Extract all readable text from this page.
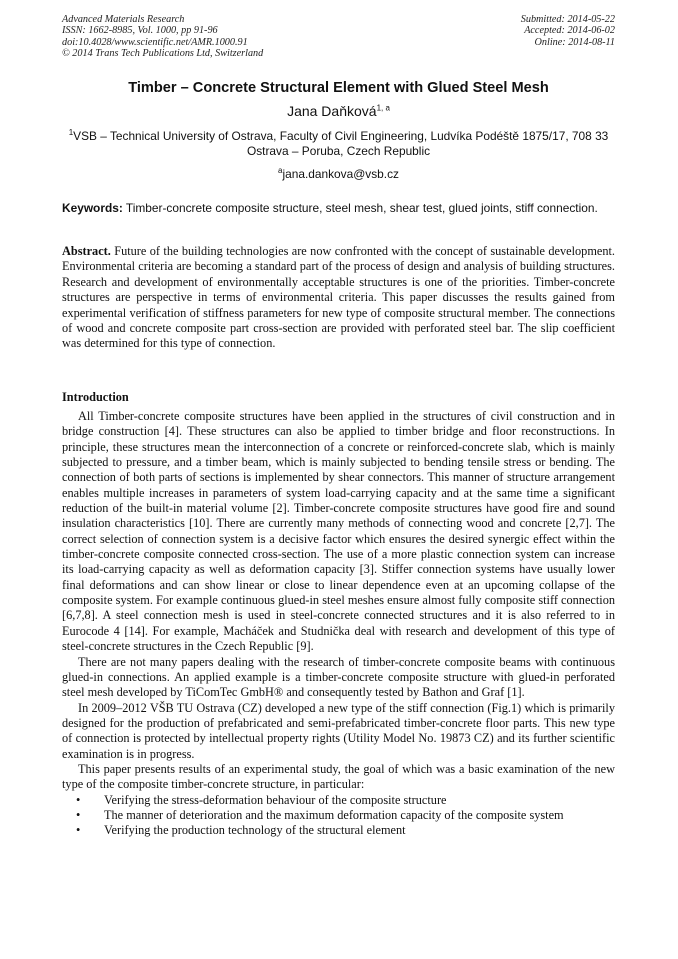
Advanced Materials Research
ISSN: 1662-8985, Vol. 1000, pp 91-96
doi:10.4028/www.scientific.net/AMR.1000.91
© 2014 Trans Tech Publications Ltd, Switzerland
Submitted: 2014-05-22
Accepted: 2014-06-02
Online: 2014-08-11
Timber – Concrete Structural Element with Glued Steel Mesh
Jana Daňková$^{1, a}$
$^1$VSB – Technical University of Ostrava, Faculty of Civil Engineering, Ludvíka Podéště 1875/17, 708 33 Ostrava – Poruba, Czech Republic
$^a$jana.dankova@vsb.cz
Keywords: Timber-concrete composite structure, steel mesh, shear test, glued joints, stiff connection.
Abstract. Future of the building technologies are now confronted with the concept of sustainable development. Environmental criteria are becoming a standard part of the process of design and analysis of building structures. Research and development of environmentally acceptable structures is one of the priorities. Timber-concrete structures are perspective in terms of environmental criteria. This paper discusses the results gained from experimental verification of stiffness parameters for new type of composite structural member. The connections of wood and concrete composite part cross-section are provided with perforated steel bar. The slip coefficient was determined for this type of connection.
Introduction

All Timber-concrete composite structures have been applied in the structures of civil construction and in bridge construction [4]. These structures can also be applied to timber bridge and floor reconstructions. In principle, these structures mean the interconnection of a concrete or reinforced-concrete slab, which is mainly subjected to pressure, and a timber beam, which is mainly subjected to bending tensile stress or bending. The connection of both parts of sections is implemented by shear connectors. This manner of structure arrangement enables multiple increases in parameters of system load-carrying capacity and at the same time a significant reduction of the built-in material volume [2]. Timber-concrete composite structures have good fire and sound insulation characteristics [10]. There are currently many methods of connecting wood and concrete [2,7]. The correct selection of connection system is a decisive factor which ensures the desired synergic effect within the timber-concrete composite connected cross-section. The use of a more plastic connection system can increase its load-carrying capacity as well as deformation capacity [3]. Stiffer connection systems have usually lower final deformations and can show linear or close to linear dependence even at an upcoming collapse of the composite system. For example continuous glued-in steel meshes ensure almost fully composite stiff connection [6,7,8]. A steel connection mesh is used in steel-concrete connected structures and it is also referred to in Eurocode 4 [14]. For example, Macháček and Studnička deal with research and development of this type of steel-concrete structures in the Czech Republic [9].

There are not many papers dealing with the research of timber-concrete composite beams with continuous glued-in connections. An applied example is a timber-concrete composite structure with glued-in perforated steel mesh developed by TiComTec GmbH® and consequently tested by Bathon and Graf [1].

In 2009–2012 VŠB TU Ostrava (CZ) developed a new type of the stiff connection (Fig.1) which is primarily designed for the production of prefabricated and semi-prefabricated timber-concrete floor parts. This new type of connection is protected by intellectual property rights (Utility Model No. 19873 CZ) and its further scientific examination is in progress.

This paper presents results of an experimental study, the goal of which was a basic examination of the new type of the composite timber-concrete structure, in particular:

• Verifying the stress-deformation behaviour of the composite structure
• The manner of deterioration and the maximum deformation capacity of the composite system
• Verifying the production technology of the structural element
